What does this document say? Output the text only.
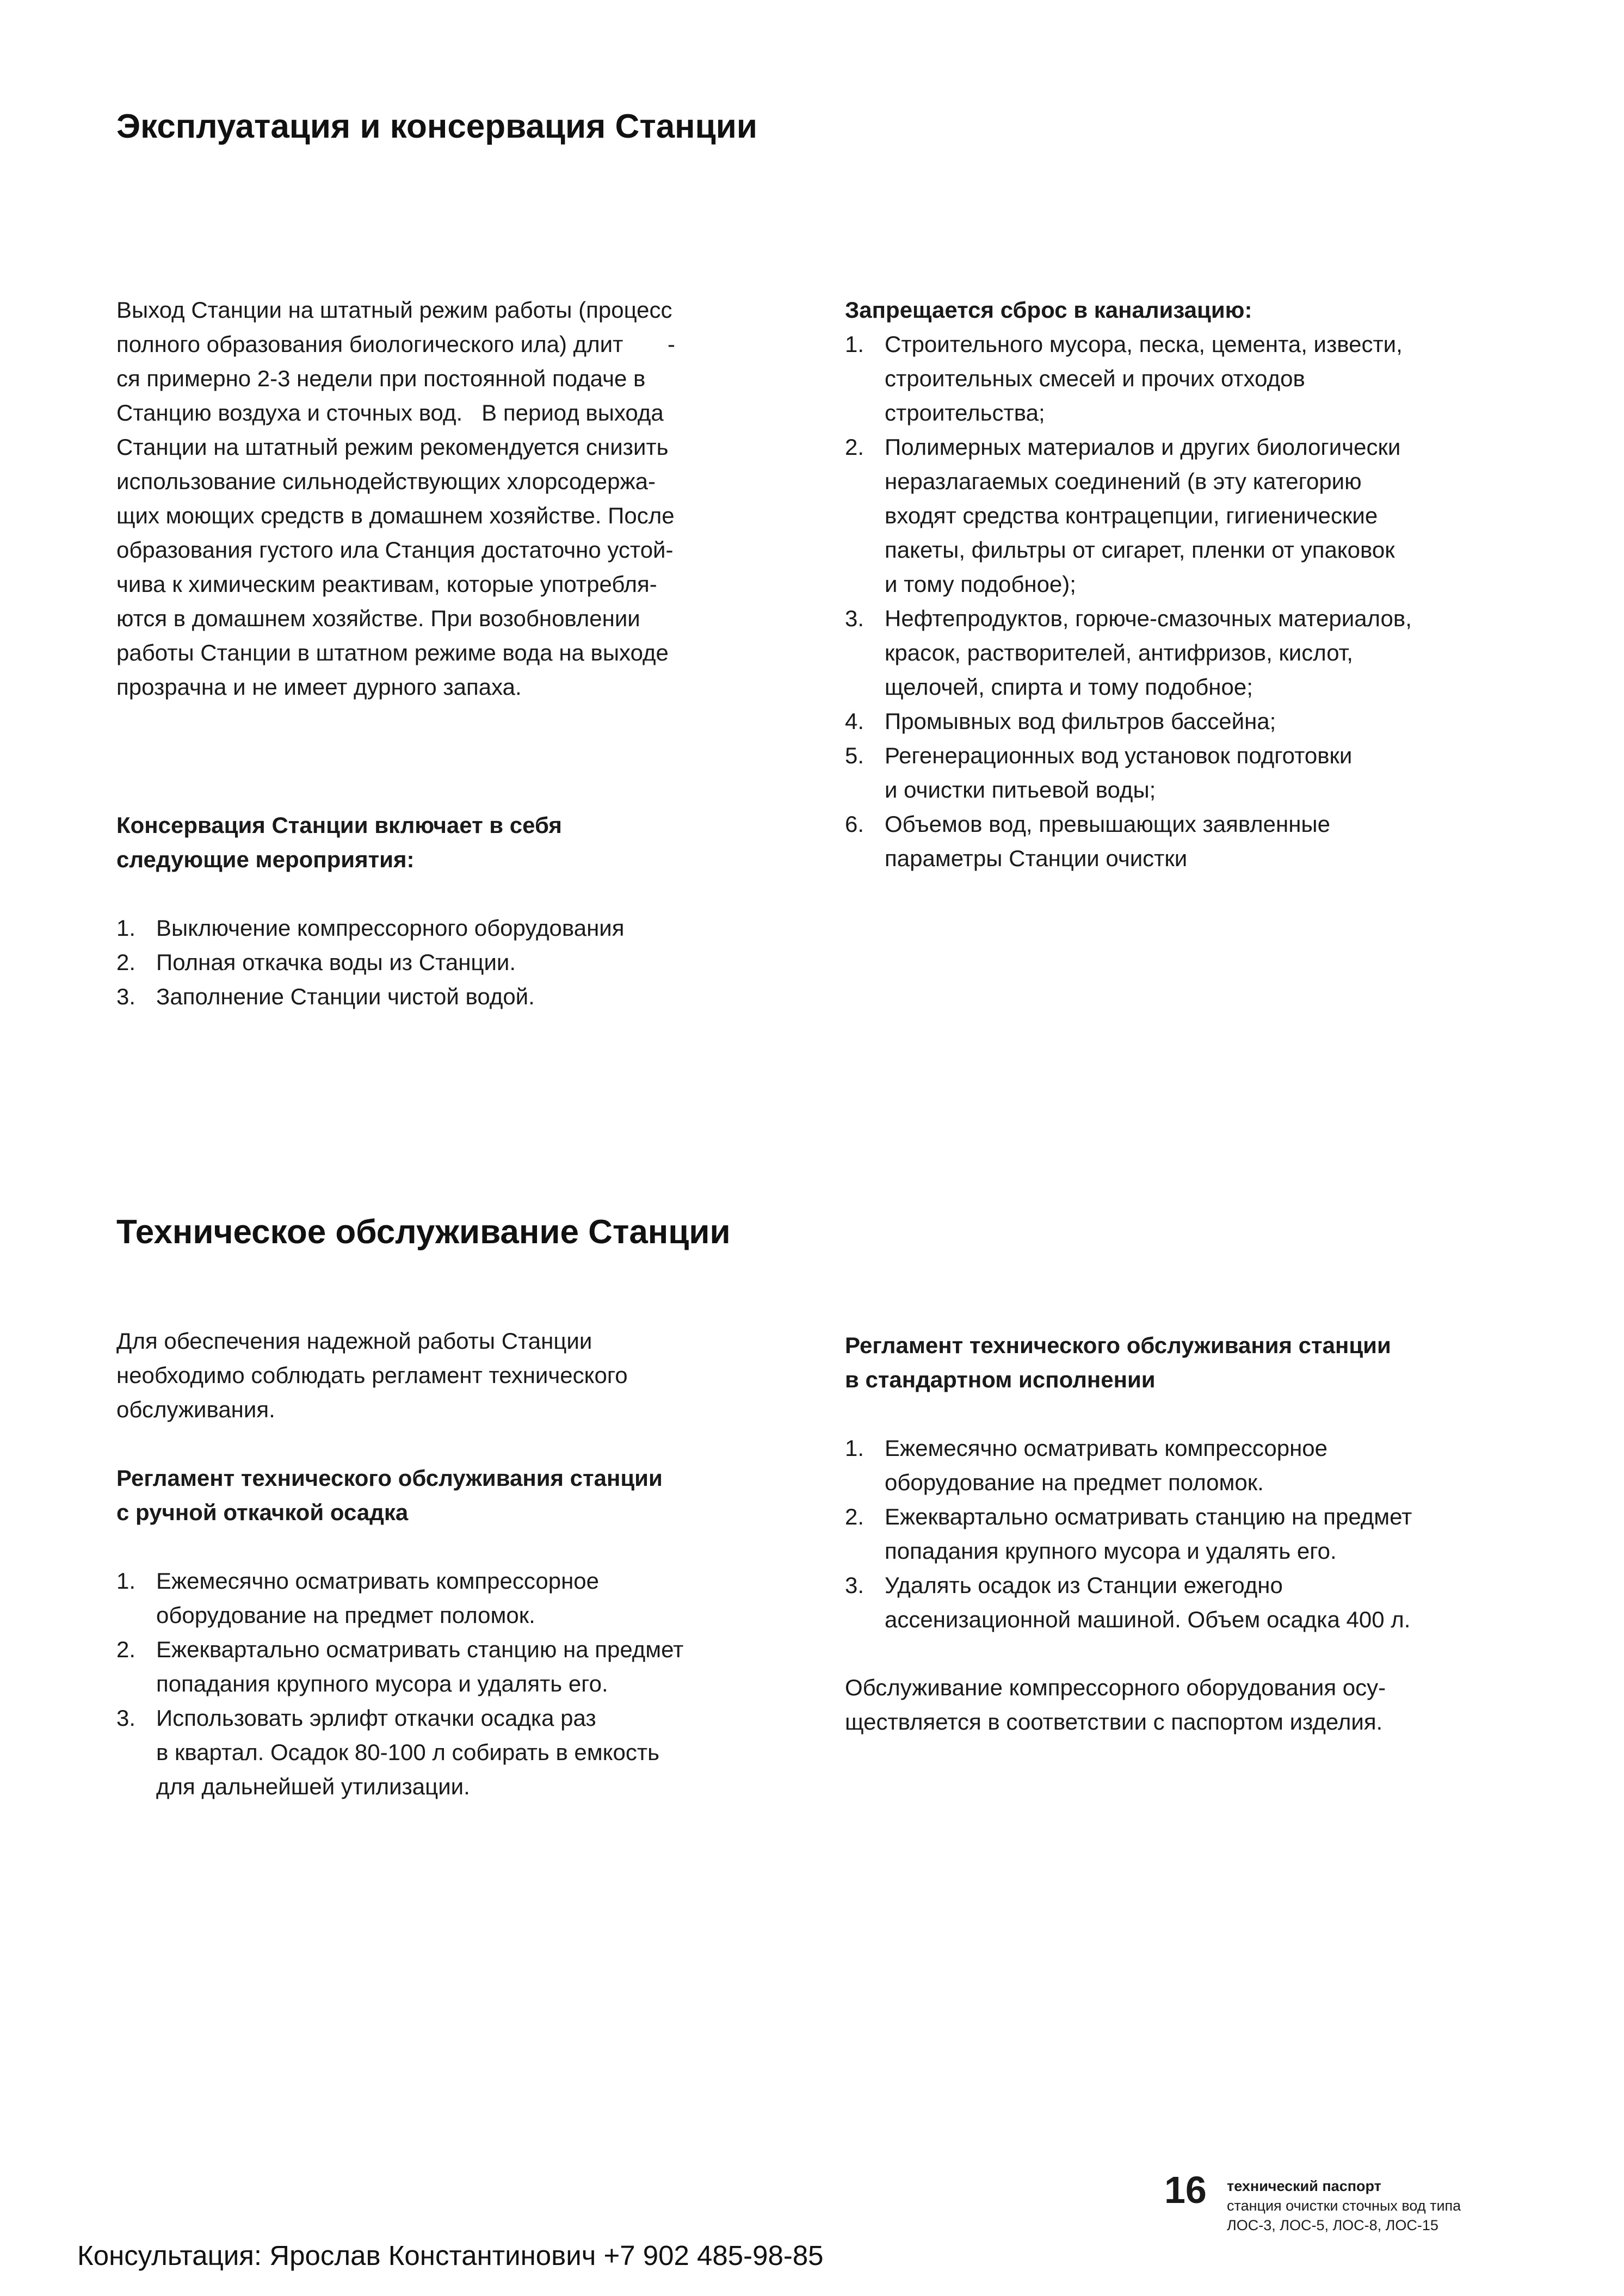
Эксплуатация и консервация Станции

Выход Станции на штатный режим работы (процесс

полного образования биологического ила) длит       -

ся примерно 2-3 недели при постоянной подаче в

Станцию воздуха и сточных вод.   В период выхода

Станции на штатный режим рекомендуется снизить

использование сильнодействующих хлорсодержа-

щих моющих средств в домашнем хозяйстве. После

образования густого ила Станция достаточно устой-

чива к химическим реактивам, которые употребля-

ются в домашнем хозяйстве. При возобновлении

работы Станции в штатном режиме вода на выходе

прозрачна и не имеет дурного запаха.

Консервация Станции включает в себя

следующие мероприятия:

1. Выключение компрессорного оборудования

2. Полная откачка воды из Станции.

3. Заполнение Станции чистой водой.

Запрещается сброс в канализацию:

1. Строительного мусора, песка, цемента, извести,

строительных смесей и прочих отходов

строительства;

2. Полимерных материалов и других биологически

неразлагаемых соединений (в эту категорию

входят средства контрацепции, гигиенические

пакеты, фильтры от сигарет, пленки от упаковок

и тому подобное);

3. Нефтепродуктов, горюче-смазочных материалов,

красок, растворителей, антифризов, кислот,

щелочей, спирта и тому подобное;

4. Промывных вод фильтров бассейна;

5. Регенерационных вод установок подготовки

и очистки питьевой воды;

6. Объемов вод, превышающих заявленные

параметры Станции очистки

Техническое обслуживание Станции

Для обеспечения надежной работы Станции

необходимо соблюдать регламент технического

обслуживания.

Регламент технического обслуживания станции

с ручной откачкой осадка

1. Ежемесячно осматривать компрессорное

оборудование на предмет поломок.

2. Ежеквартально осматривать станцию на предмет

попадания крупного мусора и удалять его.

3. Использовать эрлифт откачки осадка раз

в квартал. Осадок 80-100 л собирать в емкость

для дальнейшей утилизации.

Регламент технического обслуживания станции

в стандартном исполнении

1. Ежемесячно осматривать компрессорное

оборудование на предмет поломок.

2. Ежеквартально осматривать станцию на предмет

попадания крупного мусора и удалять его.

3. Удалять осадок из Станции ежегодно

ассенизационной машиной. Объем осадка 400 л.

Обслуживание компрессорного оборудования осу-

ществляется в соответствии с паспортом изделия.

16 технический паспорт
станция очистки сточных вод типа
ЛОС-3, ЛОС-5, ЛОС-8, ЛОС-15
Консультация: Ярослав Константинович +7 902 485-98-85
